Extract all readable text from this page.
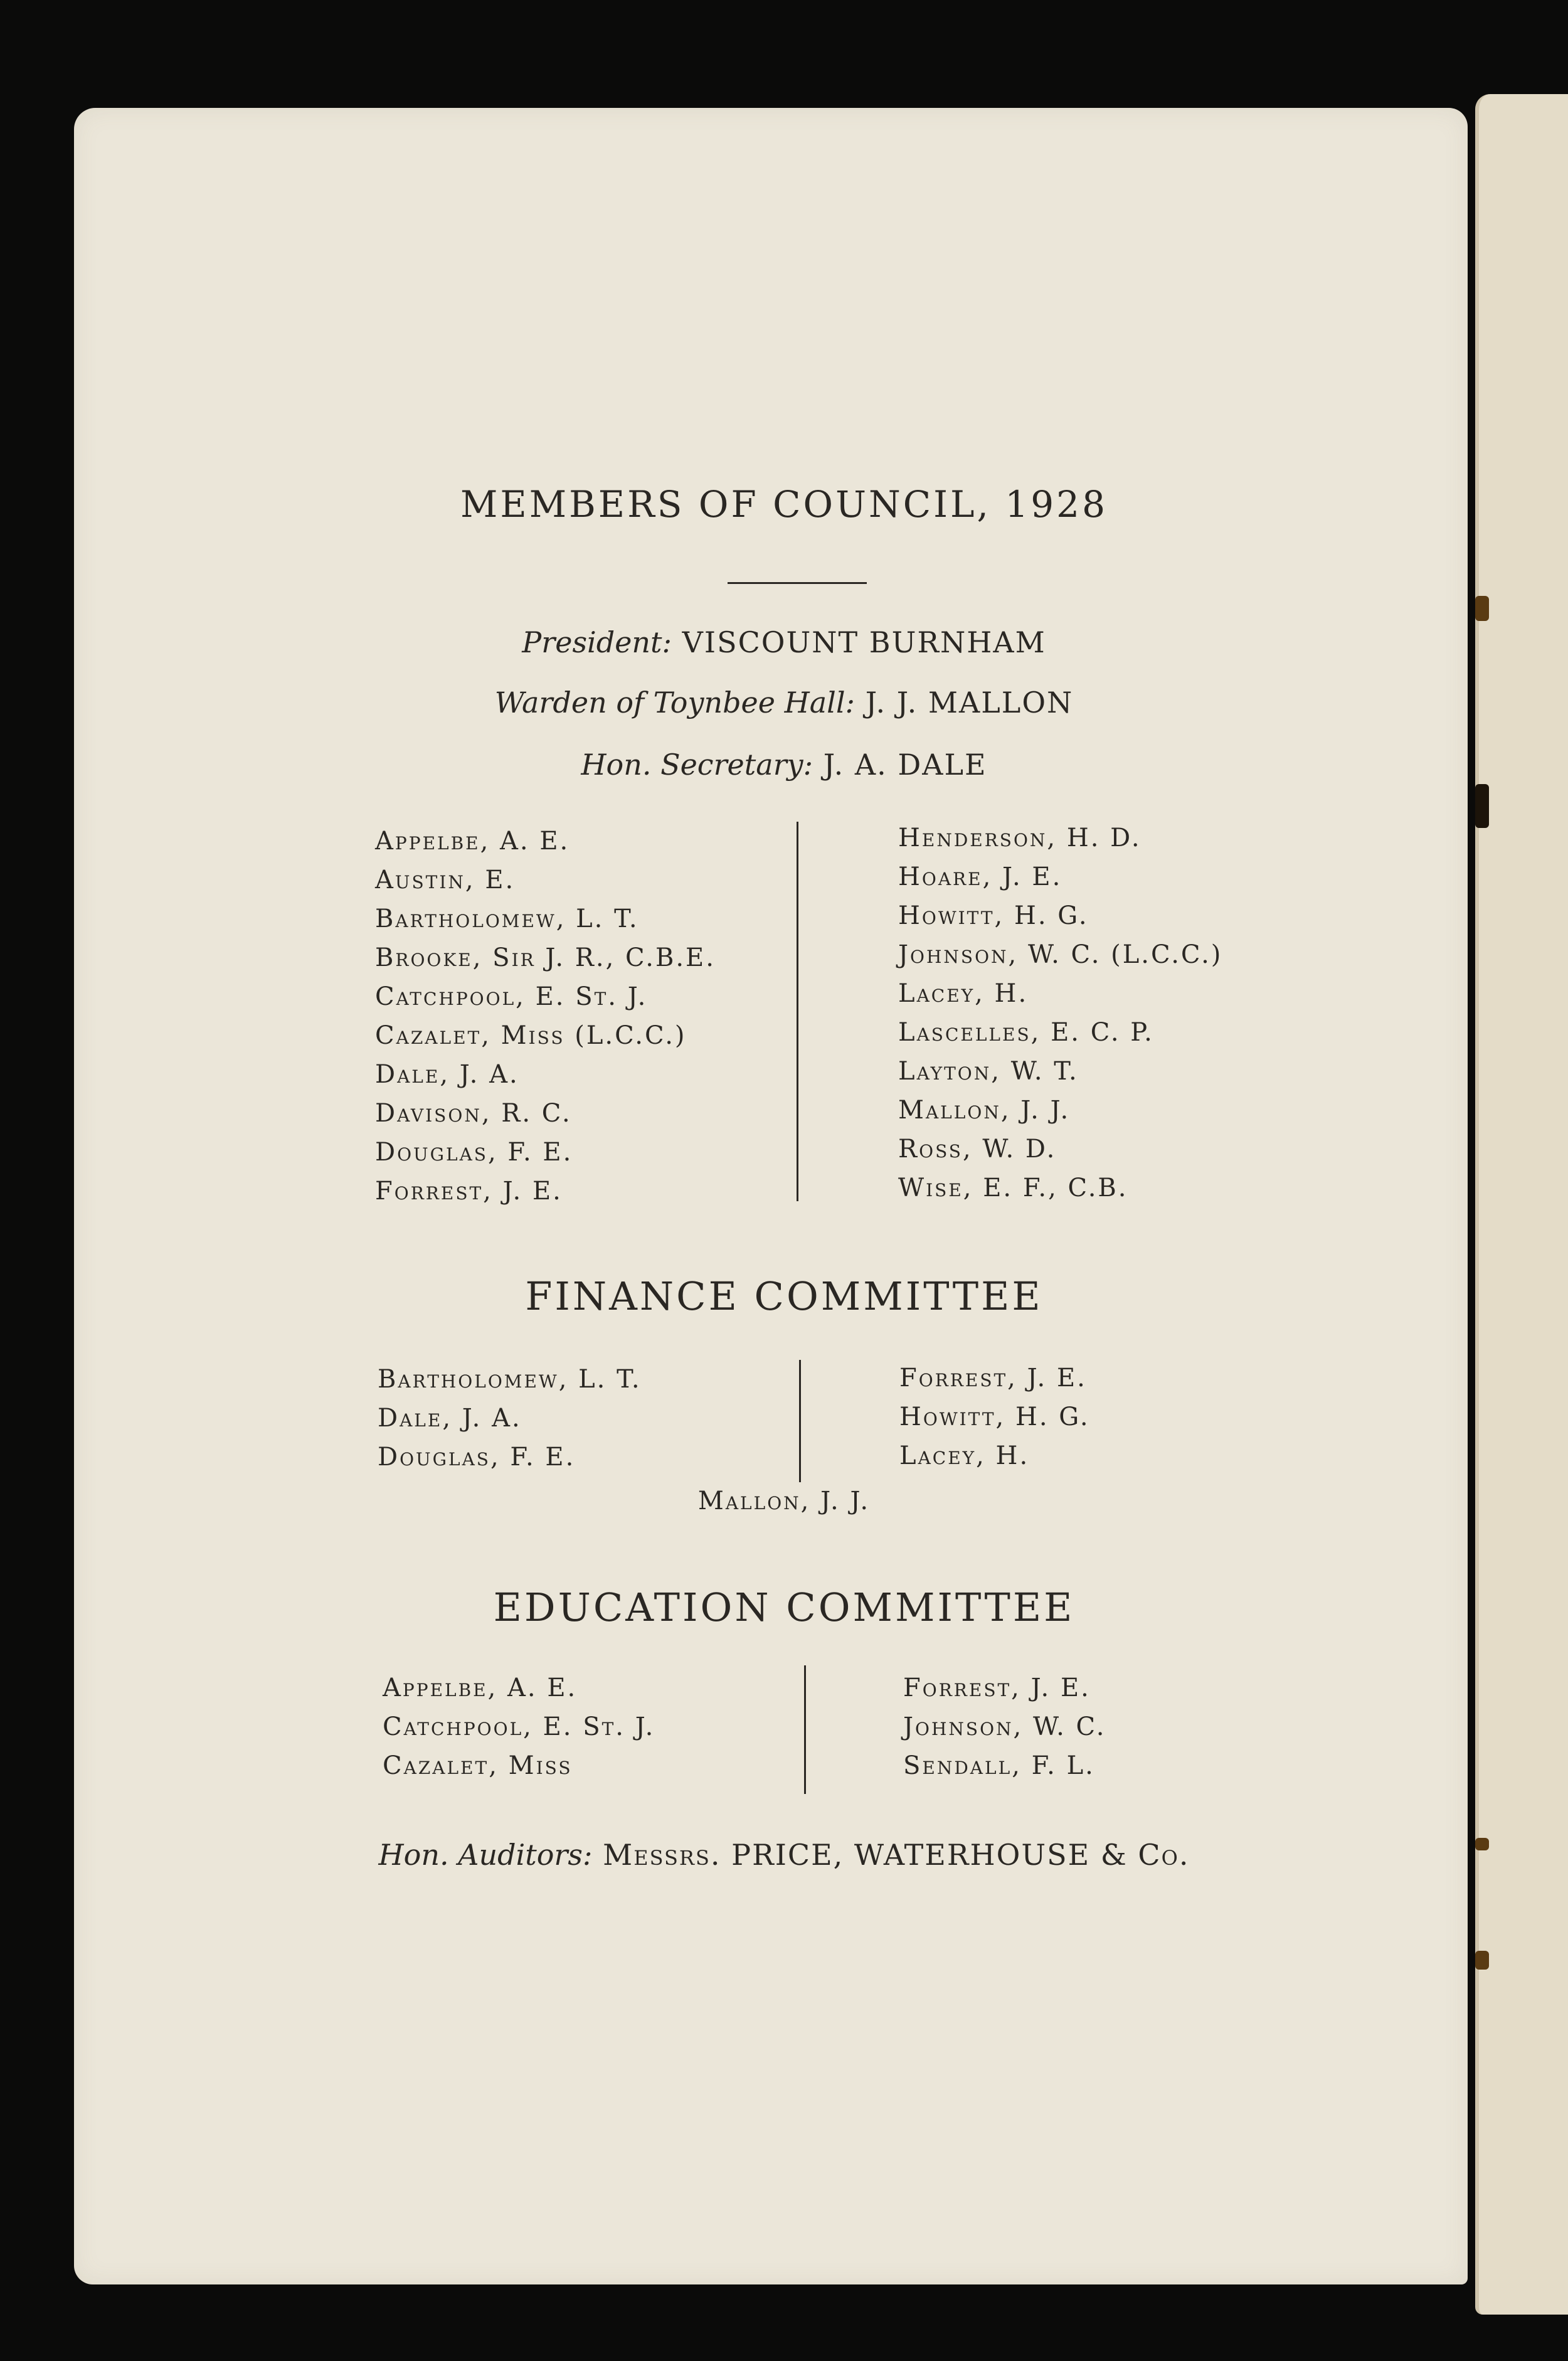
MEMBERS OF COUNCIL, 1928
President: VISCOUNT BURNHAM
Warden of Toynbee Hall: J. J. MALLON
Hon. Secretary: J. A. DALE
Appelbe, A. E.
Austin, E.
Bartholomew, L. T.
Brooke, Sir J. R., C.B.E.
Catchpool, E. St. J.
Cazalet, Miss (L.C.C.)
Dale, J. A.
Davison, R. C.
Douglas, F. E.
Forrest, J. E.
Henderson, H. D.
Hoare, J. E.
Howitt, H. G.
Johnson, W. C. (L.C.C.)
Lacey, H.
Lascelles, E. C. P.
Layton, W. T.
Mallon, J. J.
Ross, W. D.
Wise, E. F., C.B.
FINANCE COMMITTEE
Bartholomew, L. T.
Dale, J. A.
Douglas, F. E.
Forrest, J. E.
Howitt, H. G.
Lacey, H.
Mallon, J. J.
EDUCATION COMMITTEE
Appelbe, A. E.
Catchpool, E. St. J.
Cazalet, Miss
Forrest, J. E.
Johnson, W. C.
Sendall, F. L.
Hon. Auditors: Messrs. PRICE, WATERHOUSE & Co.
